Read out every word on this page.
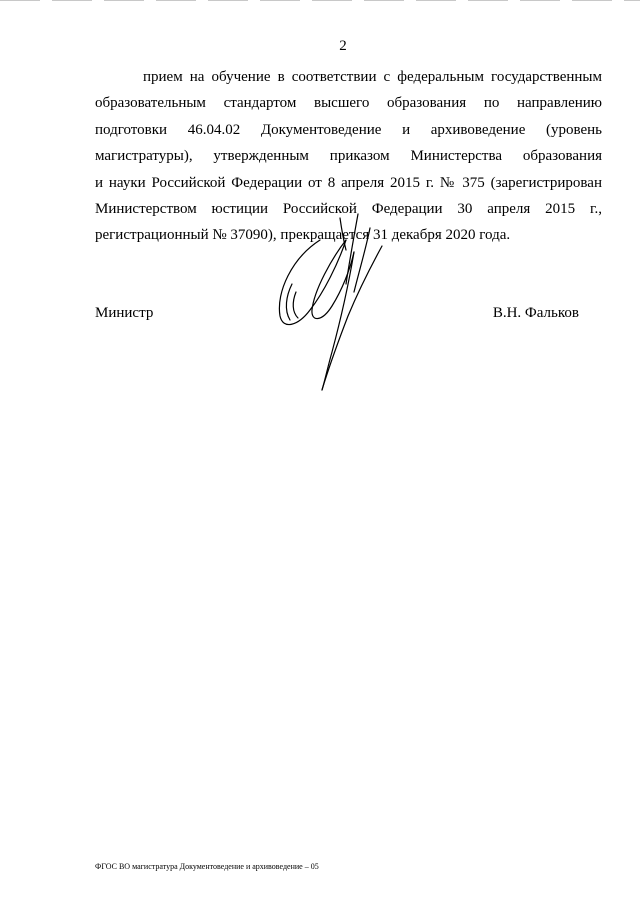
2
прием на обучение в соответствии с федеральным государственным
образовательным стандартом высшего образования по направлению
подготовки 46.04.02 Документоведение и архивоведение (уровень
магистратуры), утвержденным приказом Министерства образования
и науки Российской Федерации от 8 апреля 2015 г. № 375 (зарегистрирован
Министерством юстиции Российской Федерации 30 апреля 2015 г.,
регистрационный № 37090), прекращается 31 декабря 2020 года.
Министр	В.Н. Фальков
ФГОС ВО магистратура Документоведение и архивоведение – 05
